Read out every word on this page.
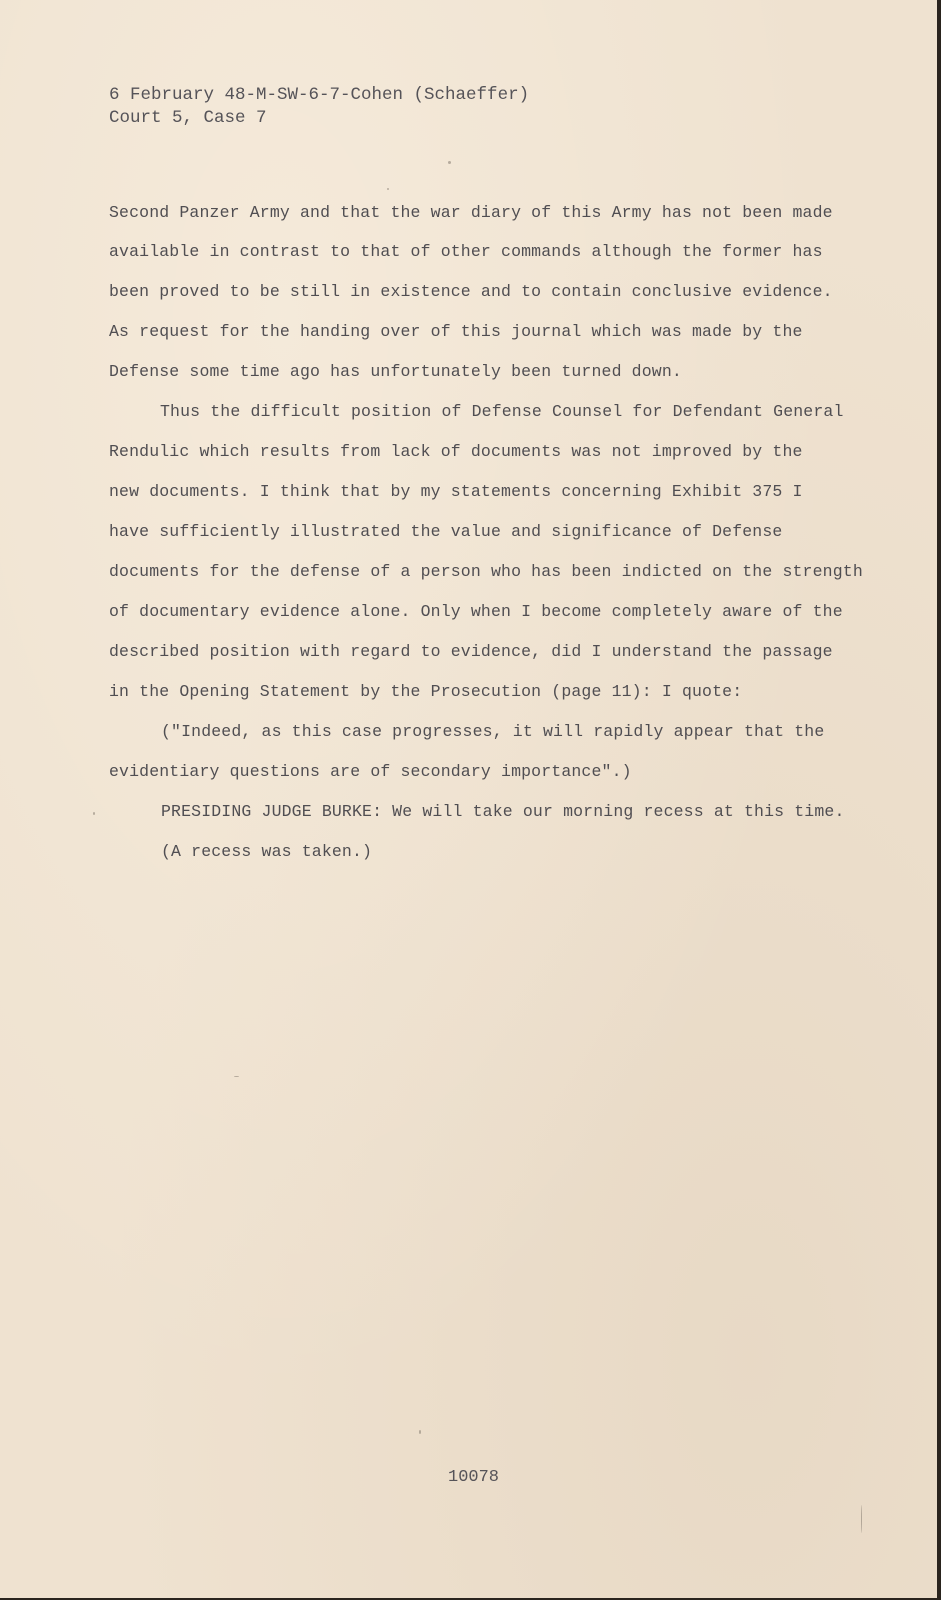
6 February 48-M-SW-6-7-Cohen (Schaeffer)
Court 5, Case 7
Second Panzer Army and that the war diary of this Army has not been made
available in contrast to that of other commands although the former has
been proved to be still in existence and to contain conclusive evidence.
As request for the handing over of this journal which was made by the
Defense some time ago has unfortunately been turned down.
Thus the difficult position of Defense Counsel for Defendant General
Rendulic which results from lack of documents was not improved by the
new documents. I think that by my statements concerning Exhibit 375 I
have sufficiently illustrated the value and significance of Defense
documents for the defense of a person who has been indicted on the strength
of documentary evidence alone. Only when I become completely aware of the
described position with regard to evidence, did I understand the passage
in the Opening Statement by the Prosecution (page 11): I quote:
("Indeed, as this case progresses, it will rapidly appear that the
evidentiary questions are of secondary importance".)
PRESIDING JUDGE BURKE: We will take our morning recess at this time.
(A recess was taken.)
10078
